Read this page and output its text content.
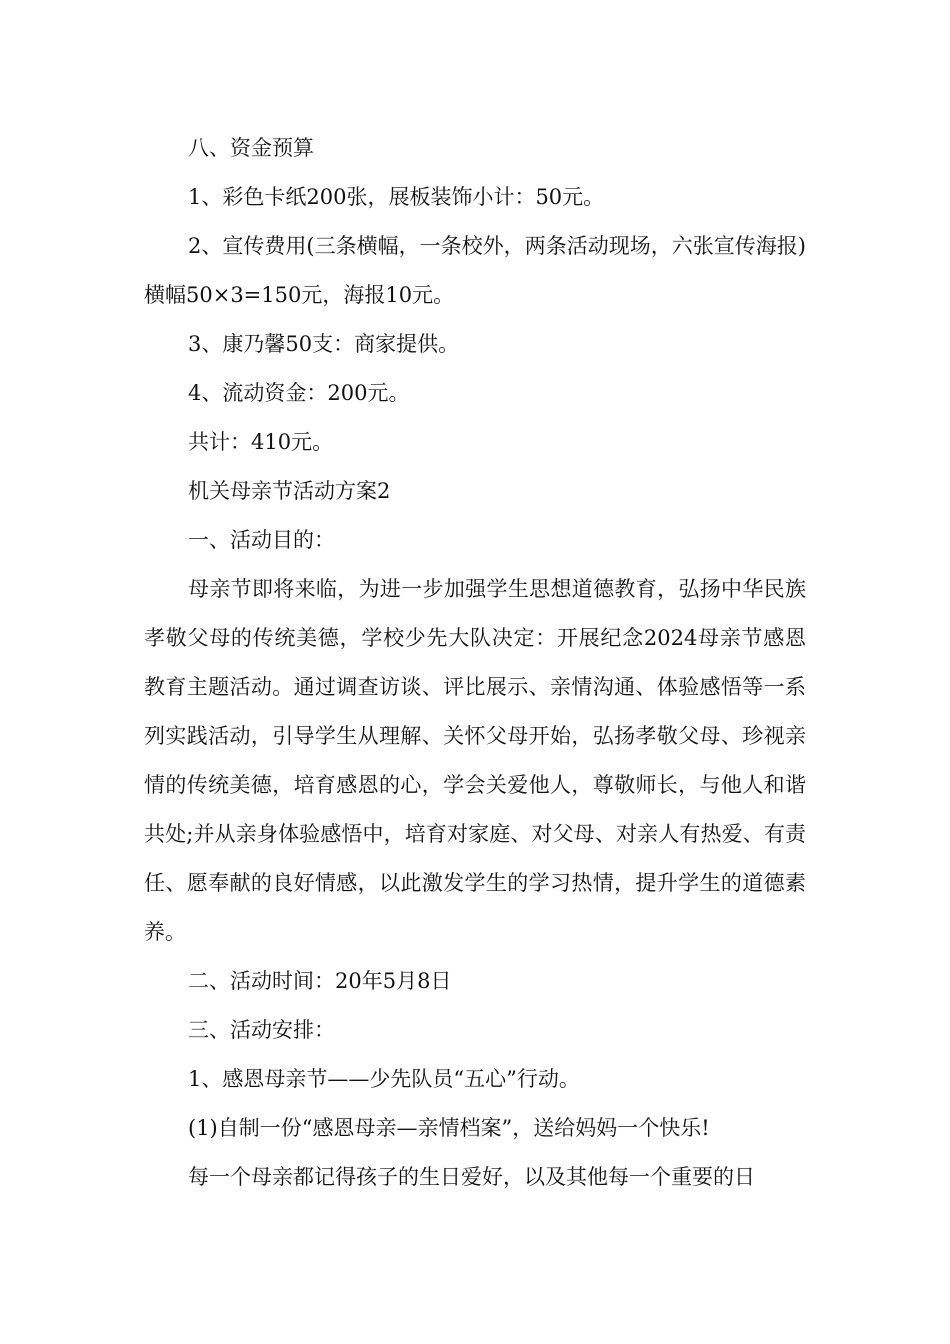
八、资金预算

1、彩色卡纸200张，展板装饰小计：50元。

2、宣传费用(三条横幅，一条校外，两条活动现场，六张宣传海报)横幅50×3=150元，海报10元。

3、康乃馨50支：商家提供。

4、流动资金：200元。

共计：410元。

机关母亲节活动方案2

一、活动目的：

母亲节即将来临，为进一步加强学生思想道德教育，弘扬中华民族孝敬父母的传统美德，学校少先大队决定：开展纪念2024母亲节感恩教育主题活动。通过调查访谈、评比展示、亲情沟通、体验感悟等一系列实践活动，引导学生从理解、关怀父母开始，弘扬孝敬父母、珍视亲情的传统美德，培育感恩的心，学会关爱他人，尊敬师长，与他人和谐共处;并从亲身体验感悟中，培育对家庭、对父母、对亲人有热爱、有责任、愿奉献的良好情感，以此激发学生的学习热情，提升学生的道德素养。

二、活动时间：20年5月8日

三、活动安排：

1、感恩母亲节——少先队员“五心”行动。

(1)自制一份“感恩母亲—亲情档案”，送给妈妈一个快乐!

每一个母亲都记得孩子的生日爱好，以及其他每一个重要的日
